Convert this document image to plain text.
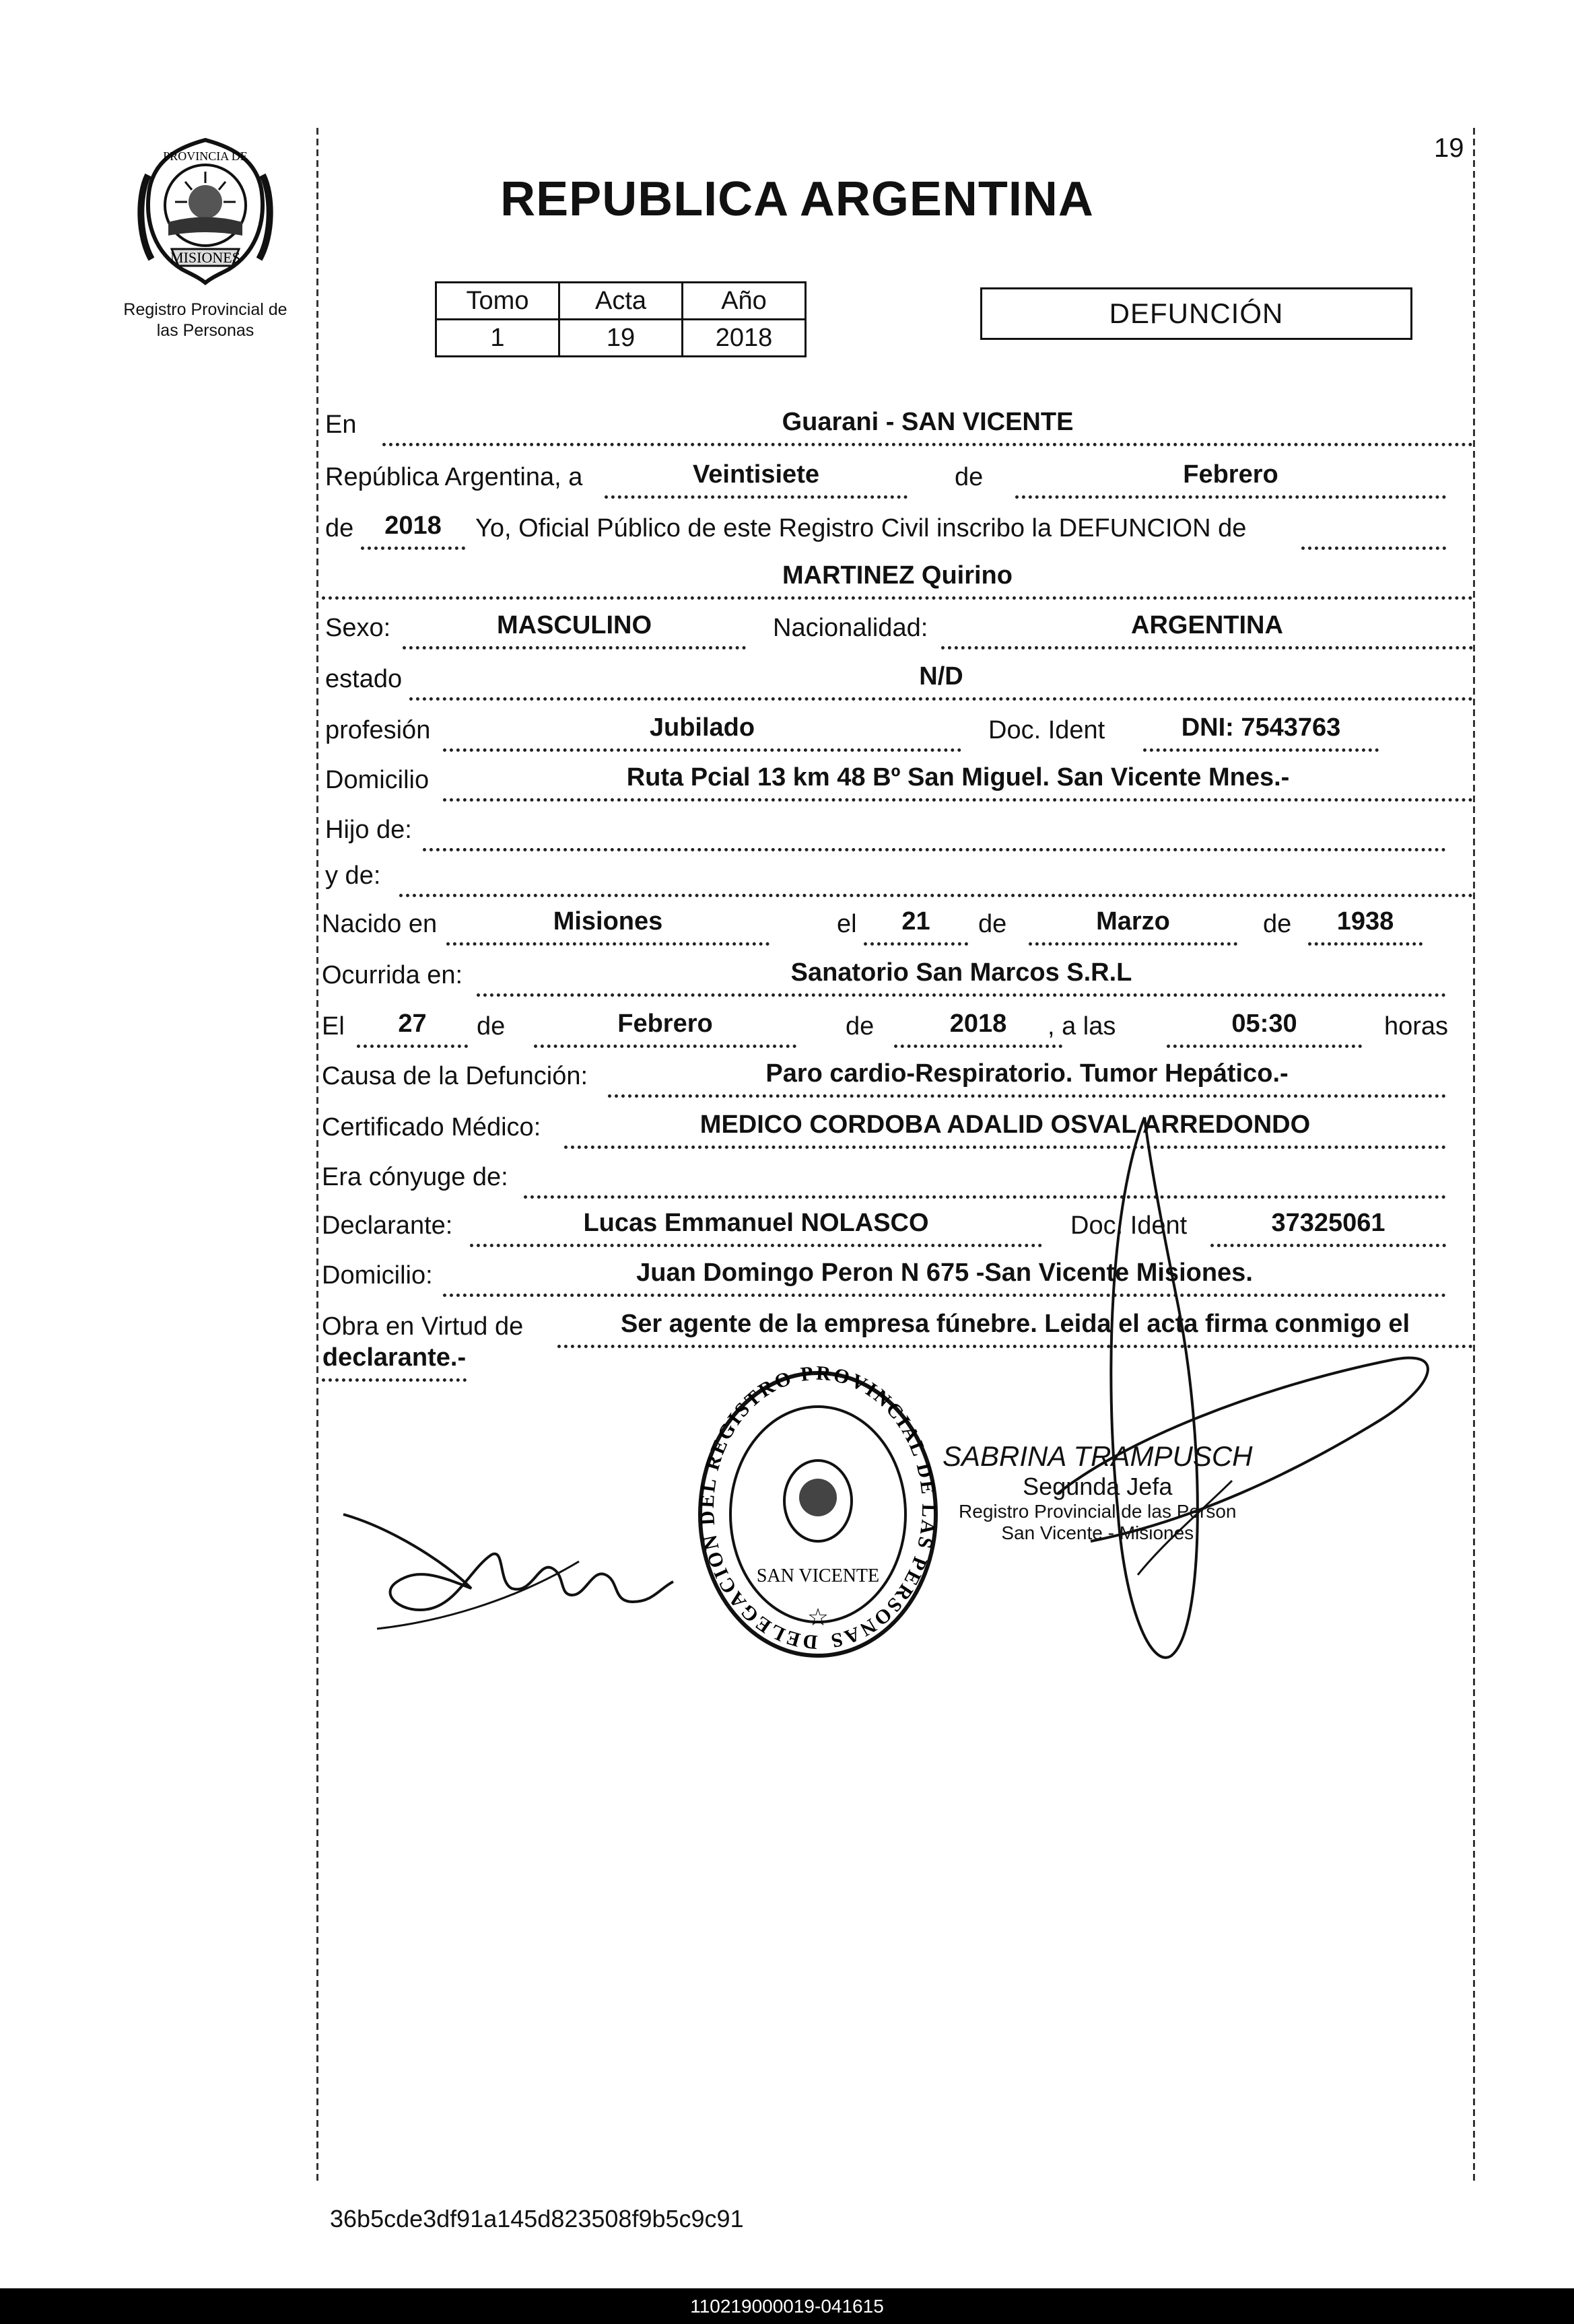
19
PROVINCIA DE
MISIONES
Registro Provincial de
las Personas
REPUBLICA ARGENTINA
Tomo	Acta	Año
1	19	2018
DEFUNCIÓN
En	Guarani - SAN VICENTE
República Argentina, a	Veintisiete	de	Febrero
de	2018	Yo, Oficial Público de este Registro Civil inscribo la DEFUNCION de
MARTINEZ Quirino
Sexo:	MASCULINO	Nacionalidad:	ARGENTINA
estado	N/D
profesión	Jubilado	Doc. Ident	DNI: 7543763
Domicilio	Ruta Pcial 13 km 48 Bº San Miguel. San Vicente Mnes.-
Hijo de:
y de:
Nacido en	Misiones	el	21	de	Marzo	de	1938
Ocurrida en:	Sanatorio San Marcos S.R.L
El	27	de	Febrero	de	2018	, a las	05:30	horas
Causa de la Defunción:	Paro cardio-Respiratorio. Tumor Hepático.-
Certificado Médico:	MEDICO CORDOBA ADALID OSVAL ARREDONDO
Era cónyuge de:
Declarante:	Lucas Emmanuel NOLASCO	Doc. Ident	37325061
Domicilio:	Juan Domingo Peron N 675 -San Vicente Misiones.
Obra en Virtud de	Ser agente de la empresa fúnebre. Leida el acta firma conmigo el
declarante.-
DELEGACION DEL REGISTRO PROVINCIAL DE LAS PERSONAS
SAN VICENTE
☆
SABRINA TRAMPUSCH
Segunda Jefa
Registro Provincial de las Person
San Vicente - Misiones
36b5cde3df91a145d823508f9b5c9c91
110219000019-041615
